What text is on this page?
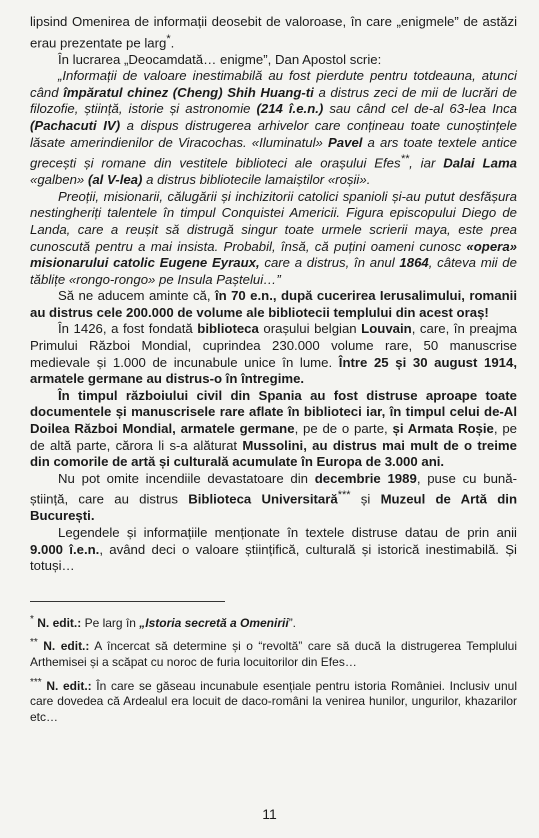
lipsind Omenirea de informații deosebit de valoroase, în care „enigmele” de astăzi erau prezentate pe larg*.

În lucrarea „Deocamdată… enigme”, Dan Apostol scrie:

„Informații de valoare inestimabilă au fost pierdute pentru totdeauna, atunci când împăratul chinez (Cheng) Shih Huang-ti a distrus zeci de mii de lucrări de filozofie, știință, istorie și astronomie (214 î.e.n.) sau când cel de-al 63-lea Inca (Pachacuti IV) a dispus distrugerea arhivelor care conțineau toate cunoștințele lăsate amerindienilor de Viracochas. «Iluminatul» Pavel a ars toate textele antice grecești și romane din vestitele biblioteci ale orașului Efes**, iar Dalai Lama «galben» (al V-lea) a distrus bibliotecile lamaiștilor «roșii».

Preoții, misionarii, călugării și inchizitorii catolici spanioli și-au putut desfășura nestingheriți talentele în timpul Conquistei Americii. Figura episcopului Diego de Landa, care a reușit să distrugă singur toate urmele scrierii maya, este prea cunoscută pentru a mai insista. Probabil, însă, că puțini oameni cunosc «opera» misionarului catolic Eugene Eyraux, care a distrus, în anul 1864, câteva mii de tăblițe «rongo-rongo» pe Insula Paștelui…”

Să ne aducem aminte că, în 70 e.n., după cucerirea Ierusalimului, romanii au distrus cele 200.000 de volume ale bibliotecii templului din acest oraș!

În 1426, a fost fondată biblioteca orașului belgian Louvain, care, în preajma Primului Război Mondial, cuprindea 230.000 volume rare, 50 manuscrise medievale și 1.000 de incunabule unice în lume. Între 25 și 30 august 1914, armatele germane au distrus-o în întregime.

În timpul războiului civil din Spania au fost distruse aproape toate documentele și manuscrisele rare aflate în biblioteci iar, în timpul celui de-Al Doilea Război Mondial, armatele germane, pe de o parte, și Armata Roșie, pe de altă parte, cărora li s-a alăturat Mussolini, au distrus mai mult de o treime din comorile de artă și culturală acumulate în Europa de 3.000 ani.

Nu pot omite incendiile devastatoare din decembrie 1989, puse cu bună-știință, care au distrus Biblioteca Universitară*** și Muzeul de Artă din București.

Legendele și informațiile menționate în textele distruse datau de prin anii 9.000 î.e.n., având deci o valoare științifică, culturală și istorică inestimabilă. Și totuși…

* N. edit.: Pe larg în „Istoria secretă a Omenirii”.

** N. edit.: A încercat să determine și o “revoltă” care să ducă la distrugerea Templului Arthemisei și a scăpat cu noroc de furia locuitorilor din Efes…

*** N. edit.: În care se găseau incunabule esențiale pentru istoria României. Inclusiv unul care dovedea că Ardealul era locuit de daco-români la venirea hunilor, ungurilor, khazarilor etc…

11
